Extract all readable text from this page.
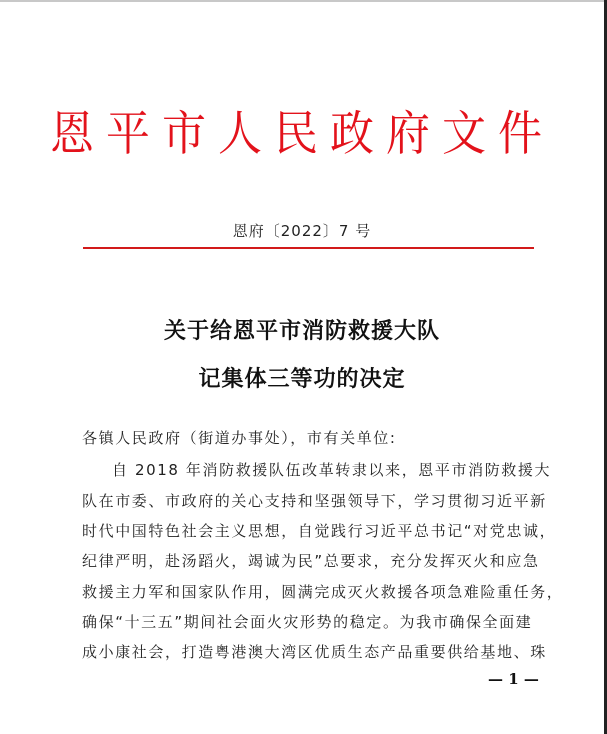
恩平市人民政府文件
恩府〔2022〕7 号
关于给恩平市消防救援大队
记集体三等功的决定
各镇人民政府（街道办事处），市有关单位:
自 2018 年消防救援队伍改革转隶以来，恩平市消防救援大
队在市委、市政府的关心支持和坚强领导下，学习贯彻习近平新
时代中国特色社会主义思想，自觉践行习近平总书记“对党忠诚，
纪律严明，赴汤蹈火，竭诚为民”总要求，充分发挥灭火和应急
救援主力军和国家队作用，圆满完成灭火救援各项急难险重任务，
确保“十三五”期间社会面火灾形势的稳定。为我市确保全面建
成小康社会，打造粤港澳大湾区优质生态产品重要供给基地、珠
— 1 —
